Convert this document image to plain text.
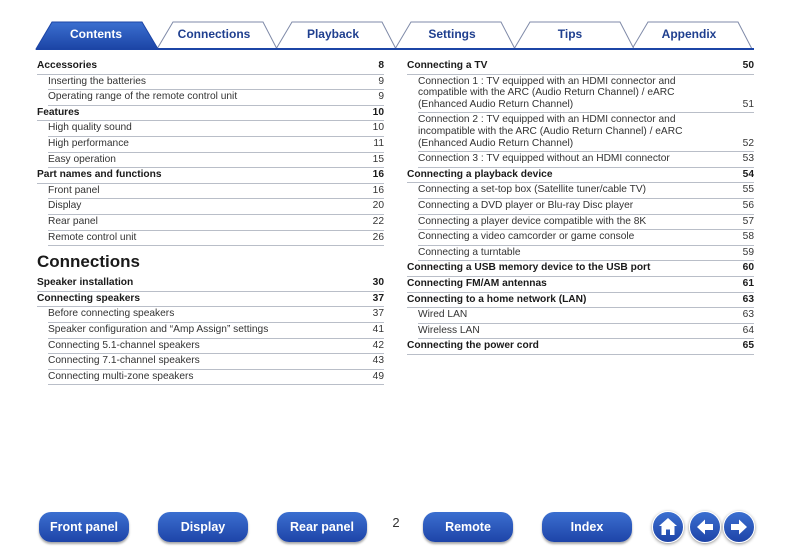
Contents	Connections	Playback	Settings	Tips	Appendix
Accessories	8
Inserting the batteries	9
Operating range of the remote control unit	9
Features	10
High quality sound	10
High performance	11
Easy operation	15
Part names and functions	16
Front panel	16
Display	20
Rear panel	22
Remote control unit	26
Connections
Speaker installation	30
Connecting speakers	37
Before connecting speakers	37
Speaker configuration and “Amp Assign” settings	41
Connecting 5.1-channel speakers	42
Connecting 7.1-channel speakers	43
Connecting multi-zone speakers	49
Connecting a TV	50
Connection 1 : TV equipped with an HDMI connector and compatible with the ARC (Audio Return Channel) / eARC (Enhanced Audio Return Channel)	51
Connection 2 : TV equipped with an HDMI connector and incompatible with the ARC (Audio Return Channel) / eARC (Enhanced Audio Return Channel)	52
Connection 3 : TV equipped without an HDMI connector	53
Connecting a playback device	54
Connecting a set-top box (Satellite tuner/cable TV)	55
Connecting a DVD player or Blu-ray Disc player	56
Connecting a player device compatible with the 8K	57
Connecting a video camcorder or game console	58
Connecting a turntable	59
Connecting a USB memory device to the USB port	60
Connecting FM/AM antennas	61
Connecting to a home network (LAN)	63
Wired LAN	63
Wireless LAN	64
Connecting the power cord	65
Front panel	Display	Rear panel	2	Remote	Index
